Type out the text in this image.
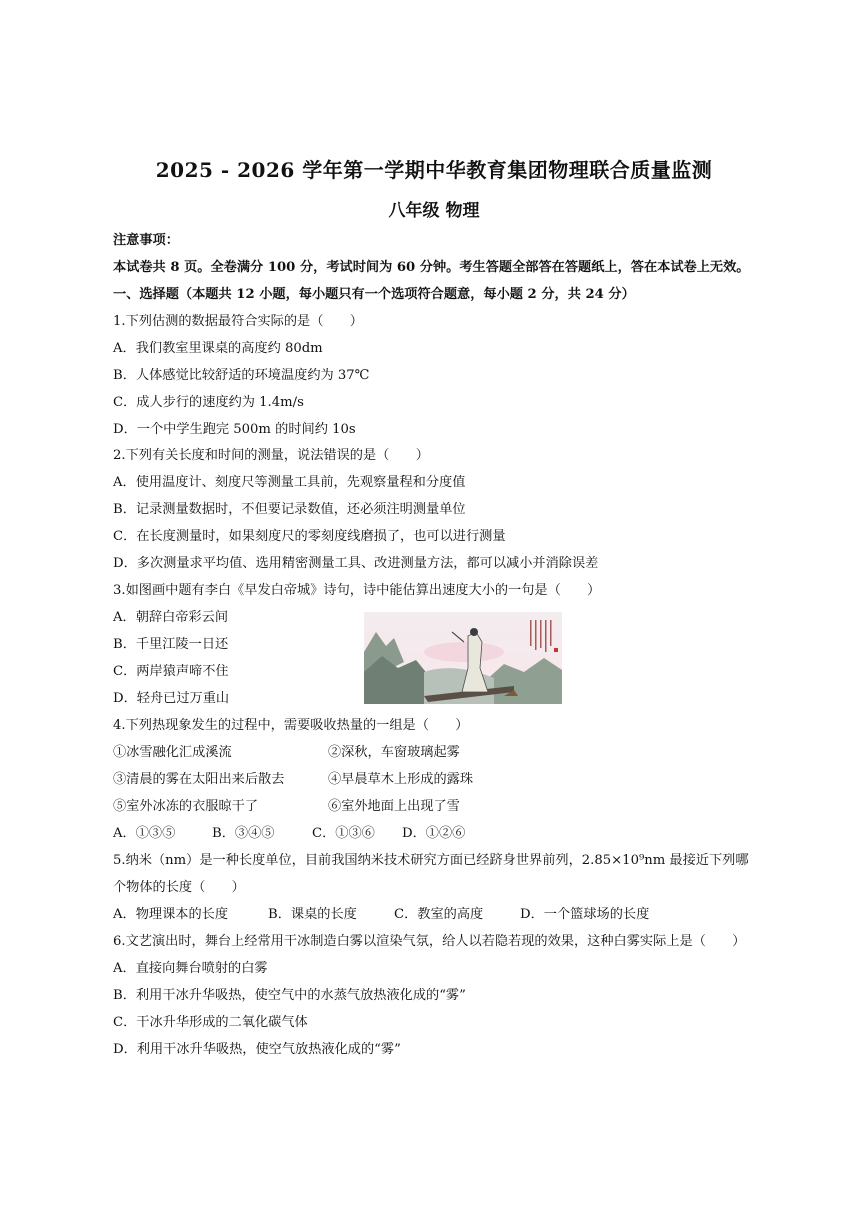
2025 - 2026 学年第一学期中华教育集团物理联合质量监测
八年级 物理
注意事项：
本试卷共 8 页。全卷满分 100 分，考试时间为 60 分钟。考生答题全部答在答题纸上，答在本试卷上无效。
一、选择题（本题共 12 小题，每小题只有一个选项符合题意，每小题 2 分，共 24 分）
1.下列估测的数据最符合实际的是（　　）
A．我们教室里课桌的高度约 80dm
B．人体感觉比较舒适的环境温度约为 37℃
C．成人步行的速度约为 1.4m/s
D．一个中学生跑完 500m 的时间约 10s
2.下列有关长度和时间的测量，说法错误的是（　　）
A．使用温度计、刻度尺等测量工具前，先观察量程和分度值
B．记录测量数据时，不但要记录数值，还必须注明测量单位
C．在长度测量时，如果刻度尺的零刻度线磨损了，也可以进行测量
D．多次测量求平均值、选用精密测量工具、改进测量方法，都可以减小并消除误差
3.如图画中题有李白《早发白帝城》诗句，诗中能估算出速度大小的一句是（　　）
A．朝辞白帝彩云间
B．千里江陵一日还
C．两岸猿声啼不住
D．轻舟已过万重山
4.下列热现象发生的过程中，需要吸收热量的一组是（　　）
①冰雪融化汇成溪流	②深秋，车窗玻璃起雾
③清晨的雾在太阳出来后散去	④早晨草木上形成的露珠
⑤室外冰冻的衣服晾干了	⑥室外地面上出现了雪
A．①③⑤	B．③④⑤	C．①③⑥ D．①②⑥
5.纳米（nm）是一种长度单位，目前我国纳米技术研究方面已经跻身世界前列，2.85×10⁹nm 最接近下列哪
个物体的长度（　　）
A．物理课本的长度	B．课桌的长度	C．教室的高度	D．一个篮球场的长度
6.文艺演出时，舞台上经常用干冰制造白雾以渲染气氛，给人以若隐若现的效果，这种白雾实际上是（　　）
A．直接向舞台喷射的白雾
B．利用干冰升华吸热，使空气中的水蒸气放热液化成的“雾”
C．干冰升华形成的二氧化碳气体
D．利用干冰升华吸热，使空气放热液化成的“雾”
